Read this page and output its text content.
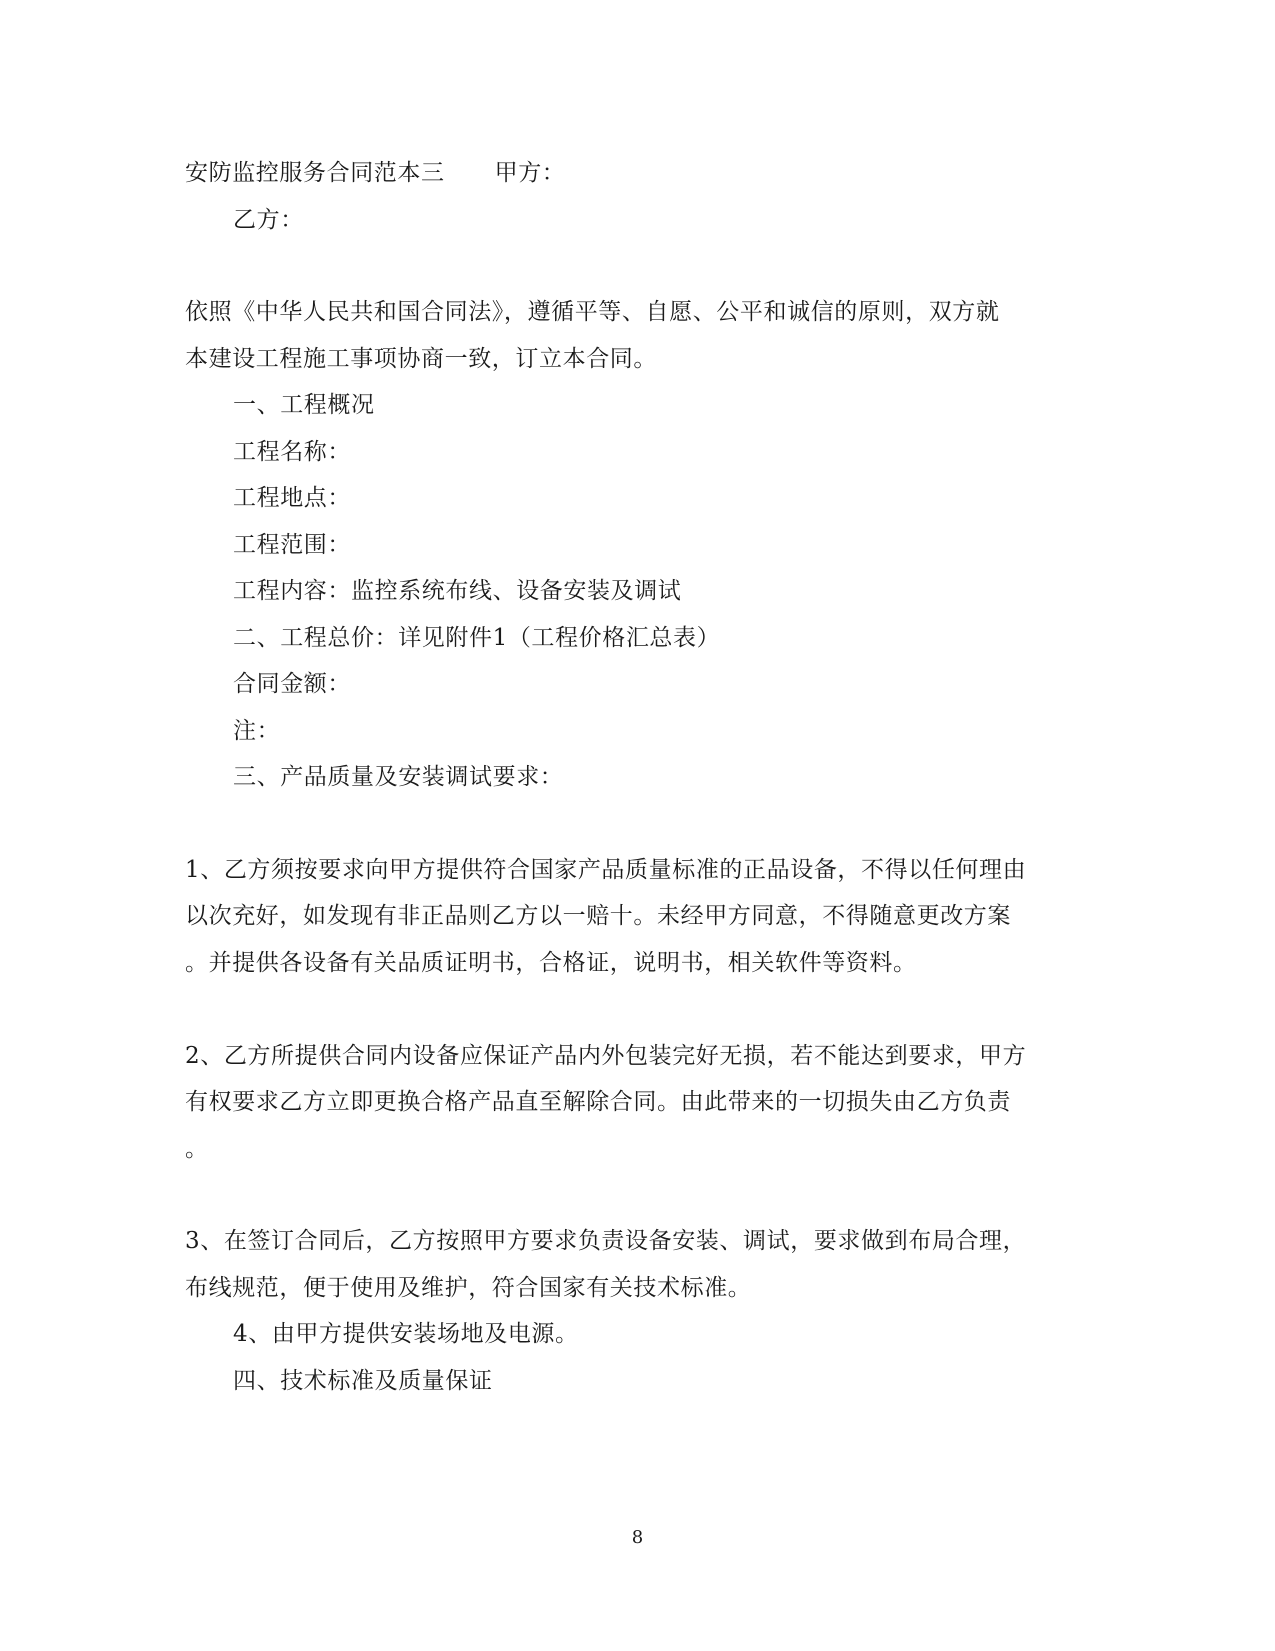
安防监控服务合同范本三 甲方：
乙方：
依照《中华人民共和国合同法》，遵循平等、自愿、公平和诚信的原则，双方就
本建设工程施工事项协商一致，订立本合同。
一、工程概况
工程名称：
工程地点：
工程范围：
工程内容：监控系统布线、设备安装及调试
二、工程总价：详见附件1（工程价格汇总表）
合同金额：
注：
三、产品质量及安装调试要求：
1、乙方须按要求向甲方提供符合国家产品质量标准的正品设备，不得以任何理由
以次充好，如发现有非正品则乙方以一赔十。未经甲方同意，不得随意更改方案
。并提供各设备有关品质证明书，合格证，说明书，相关软件等资料。
2、乙方所提供合同内设备应保证产品内外包装完好无损，若不能达到要求，甲方
有权要求乙方立即更换合格产品直至解除合同。由此带来的一切损失由乙方负责
。
3、在签订合同后，乙方按照甲方要求负责设备安装、调试，要求做到布局合理，
布线规范，便于使用及维护，符合国家有关技术标准。
4、由甲方提供安装场地及电源。
四、技术标准及质量保证
8
